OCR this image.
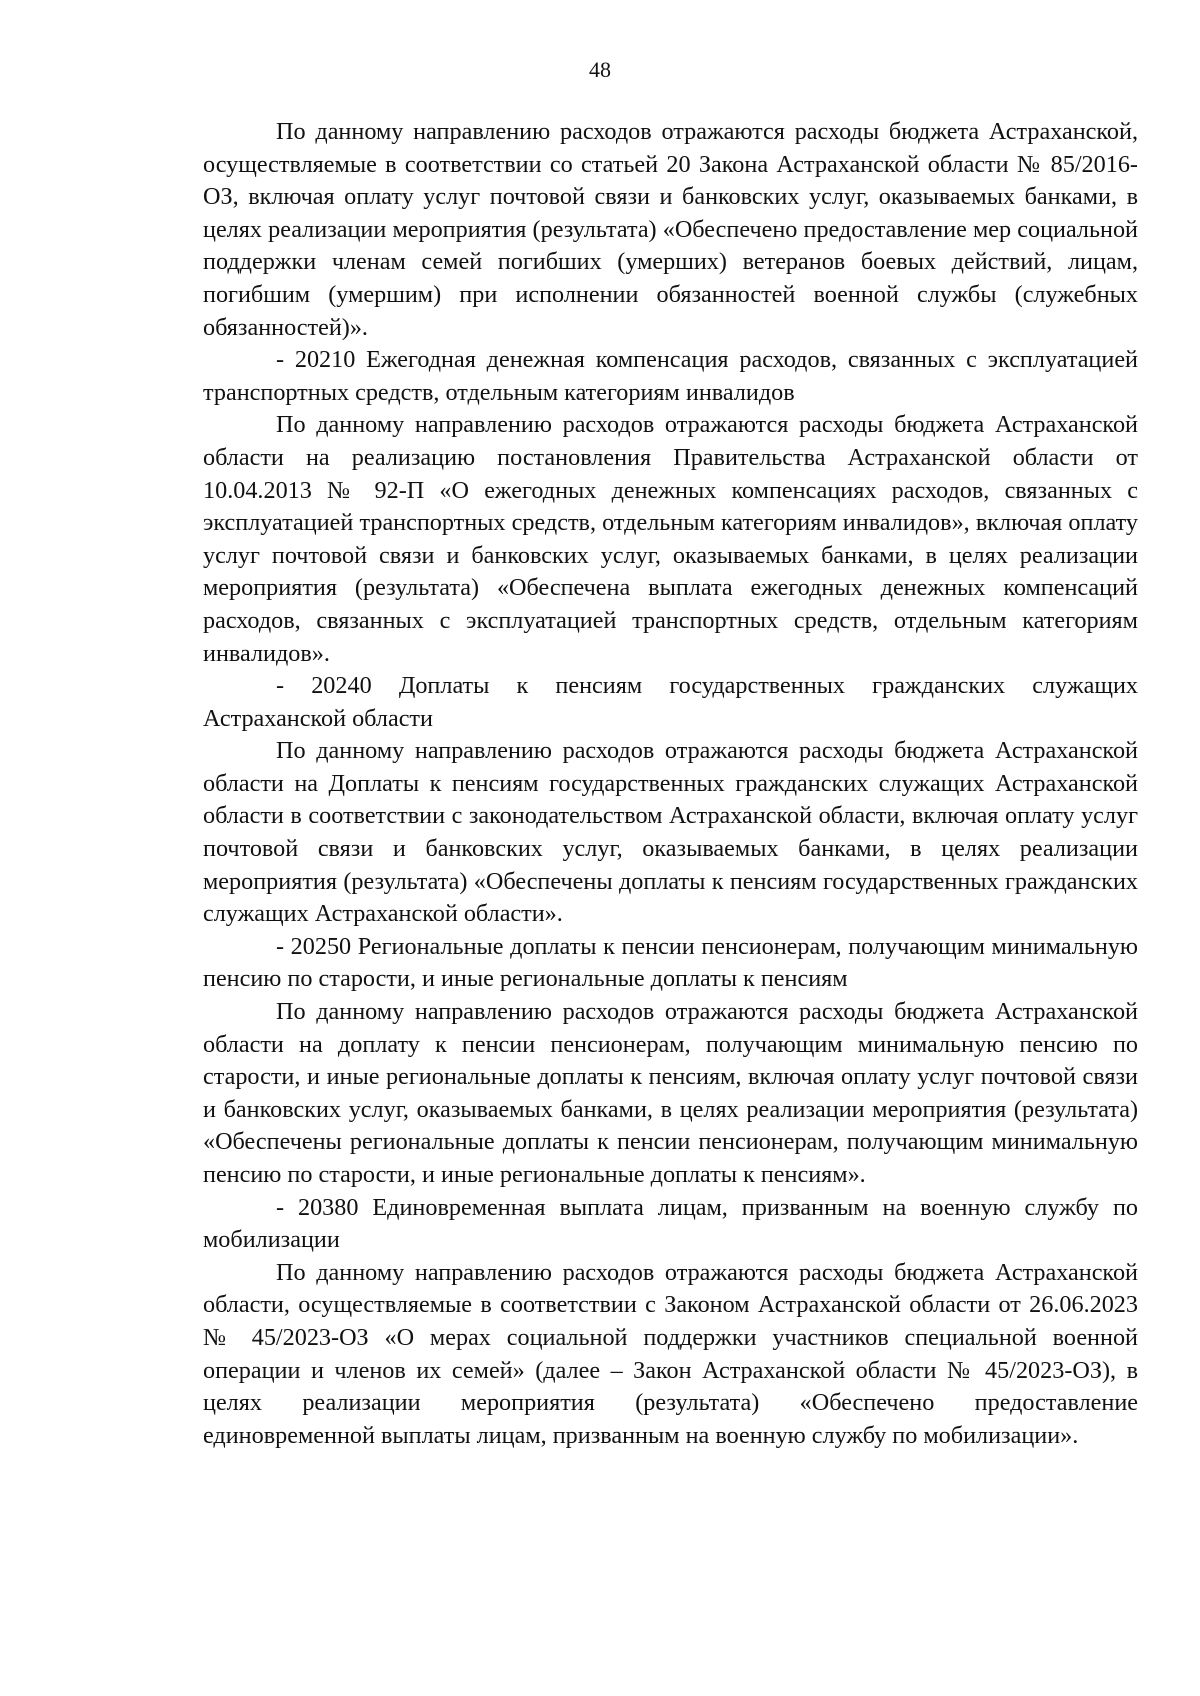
48

По данному направлению расходов отражаются расходы бюджета Астраханской, осуществляемые в соответствии со статьей 20 Закона Астраханской области № 85/2016-ОЗ, включая оплату услуг почтовой связи и банковских услуг, оказываемых банками, в целях реализации мероприятия (результата) «Обеспечено предоставление мер социальной поддержки членам семей погибших (умерших) ветеранов боевых действий, лицам, погибшим (умершим) при исполнении обязанностей военной службы (служебных обязанностей)».

- 20210 Ежегодная денежная компенсация расходов, связанных с эксплуатацией транспортных средств, отдельным категориям инвалидов

По данному направлению расходов отражаются расходы бюджета Астраханской области на реализацию постановления Правительства Астраханской области от 10.04.2013 № 92-П «О ежегодных денежных компенсациях расходов, связанных с эксплуатацией транспортных средств, отдельным категориям инвалидов», включая оплату услуг почтовой связи и банковских услуг, оказываемых банками, в целях реализации мероприятия (результата) «Обеспечена выплата ежегодных денежных компенсаций расходов, связанных с эксплуатацией транспортных средств, отдельным категориям инвалидов».

- 20240 Доплаты к пенсиям государственных гражданских служащих Астраханской области

По данному направлению расходов отражаются расходы бюджета Астраханской области на Доплаты к пенсиям государственных гражданских служащих Астраханской области в соответствии с законодательством Астраханской области, включая оплату услуг почтовой связи и банковских услуг, оказываемых банками, в целях реализации мероприятия (результата) «Обеспечены доплаты к пенсиям государственных гражданских служащих Астраханской области».

- 20250 Региональные доплаты к пенсии пенсионерам, получающим минимальную пенсию по старости, и иные региональные доплаты к пенсиям

По данному направлению расходов отражаются расходы бюджета Астраханской области на доплату к пенсии пенсионерам, получающим минимальную пенсию по старости, и иные региональные доплаты к пенсиям, включая оплату услуг почтовой связи и банковских услуг, оказываемых банками, в целях реализации мероприятия (результата) «Обеспечены региональные доплаты к пенсии пенсионерам, получающим минимальную пенсию по старости, и иные региональные доплаты к пенсиям».

- 20380 Единовременная выплата лицам, призванным на военную службу по мобилизации

По данному направлению расходов отражаются расходы бюджета Астраханской области, осуществляемые в соответствии с Законом Астраханской области от 26.06.2023 № 45/2023-ОЗ «О мерах социальной поддержки участников специальной военной операции и членов их семей» (далее – Закон Астраханской области № 45/2023-ОЗ), в целях реализации мероприятия (результата) «Обеспечено предоставление единовременной выплаты лицам, призванным на военную службу по мобилизации».
